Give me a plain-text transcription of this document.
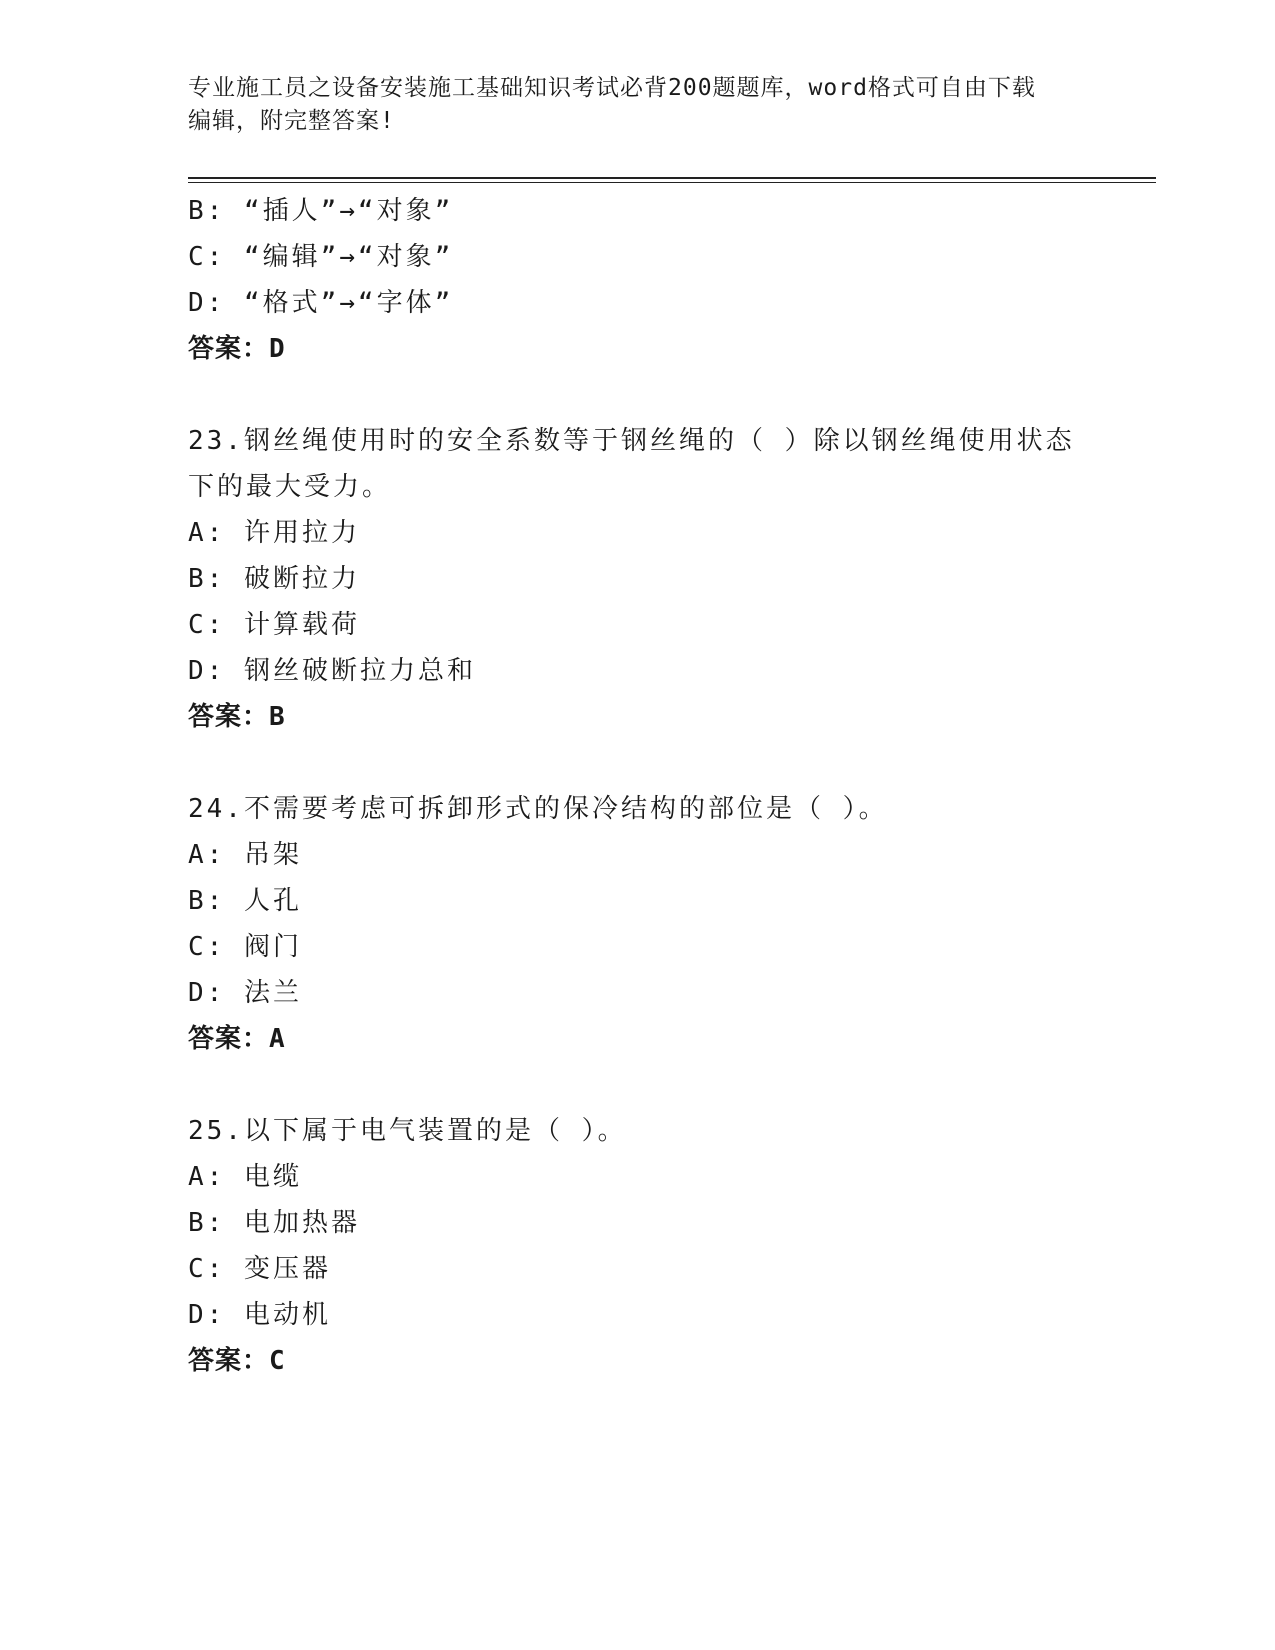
专业施工员之设备安装施工基础知识考试必背200题题库，word格式可自由下载
编辑，附完整答案!
B: “插人”→“对象”
C: “编辑”→“对象”
D: “格式”→“字体”
答案：D
23.钢丝绳使用时的安全系数等于钢丝绳的（ ）除以钢丝绳使用状态
下的最大受力。
A: 许用拉力
B: 破断拉力
C: 计算载荷
D: 钢丝破断拉力总和
答案：B
24.不需要考虑可拆卸形式的保冷结构的部位是（ ）。
A: 吊架
B: 人孔
C: 阀门
D: 法兰
答案：A
25.以下属于电气装置的是（ ）。
A: 电缆
B: 电加热器
C: 变压器
D: 电动机
答案：C
